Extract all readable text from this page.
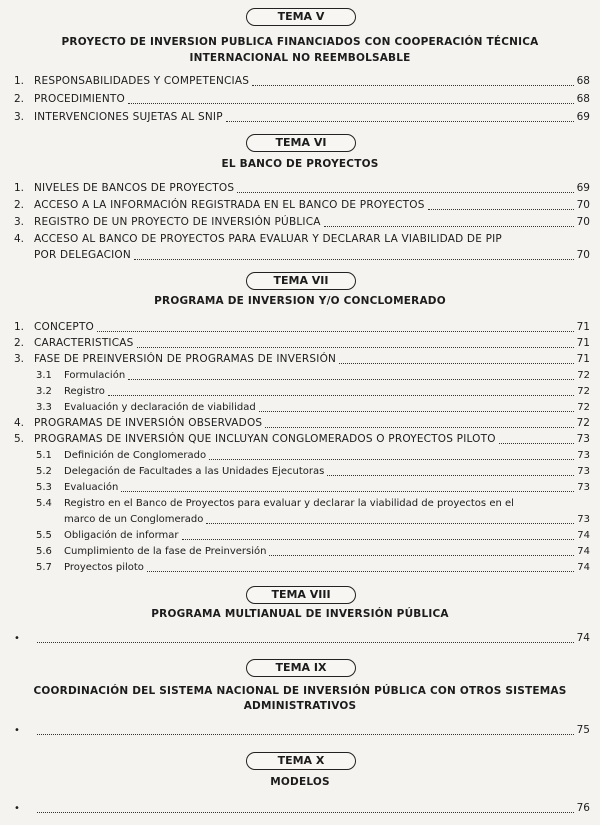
TEMA V
PROYECTO DE INVERSION PUBLICA FINANCIADOS CON COOPERACIÓN TÉCNICA
INTERNACIONAL NO REEMBOLSABLE
1. RESPONSABILIDADES Y COMPETENCIAS	68
2. PROCEDIMIENTO	68
3. INTERVENCIONES SUJETAS AL SNIP	69
TEMA VI
EL BANCO DE PROYECTOS
1. NIVELES DE BANCOS DE PROYECTOS	69
2. ACCESO A LA INFORMACIÓN REGISTRADA EN EL BANCO DE PROYECTOS	70
3. REGISTRO DE UN PROYECTO DE INVERSIÓN PÚBLICA	70
4. ACCESO AL BANCO DE PROYECTOS PARA EVALUAR Y DECLARAR LA VIABILIDAD DE PIP
POR DELEGACION	70
TEMA VII
PROGRAMA DE INVERSION Y/O CONCLOMERADO
1. CONCEPTO	71
2. CARACTERISTICAS	71
3. FASE DE PREINVERSIÓN DE PROGRAMAS DE INVERSIÓN	71
3.1	Formulación	72
3.2	Registro	72
3.3	Evaluación y declaración de viabilidad	72
4. PROGRAMAS DE INVERSIÓN OBSERVADOS	72
5. PROGRAMAS DE INVERSIÓN QUE INCLUYAN CONGLOMERADOS O PROYECTOS PILOTO	73
5.1	Definición de Conglomerado	73
5.2	Delegación de Facultades a las Unidades Ejecutoras	73
5.3	Evaluación	73
5.4	Registro en el Banco de Proyectos para evaluar y declarar la viabilidad de proyectos en el
marco de un Conglomerado	73
5.5	Obligación de informar	74
5.6	Cumplimiento de la fase de Preinversión	74
5.7	Proyectos piloto	74
TEMA VIII
PROGRAMA MULTIANUAL DE INVERSIÓN PÚBLICA
•	74
TEMA IX
COORDINACIÓN DEL SISTEMA NACIONAL DE INVERSIÓN PÚBLICA CON OTROS SISTEMAS
ADMINISTRATIVOS
•	75
TEMA X
MODELOS
•	76
